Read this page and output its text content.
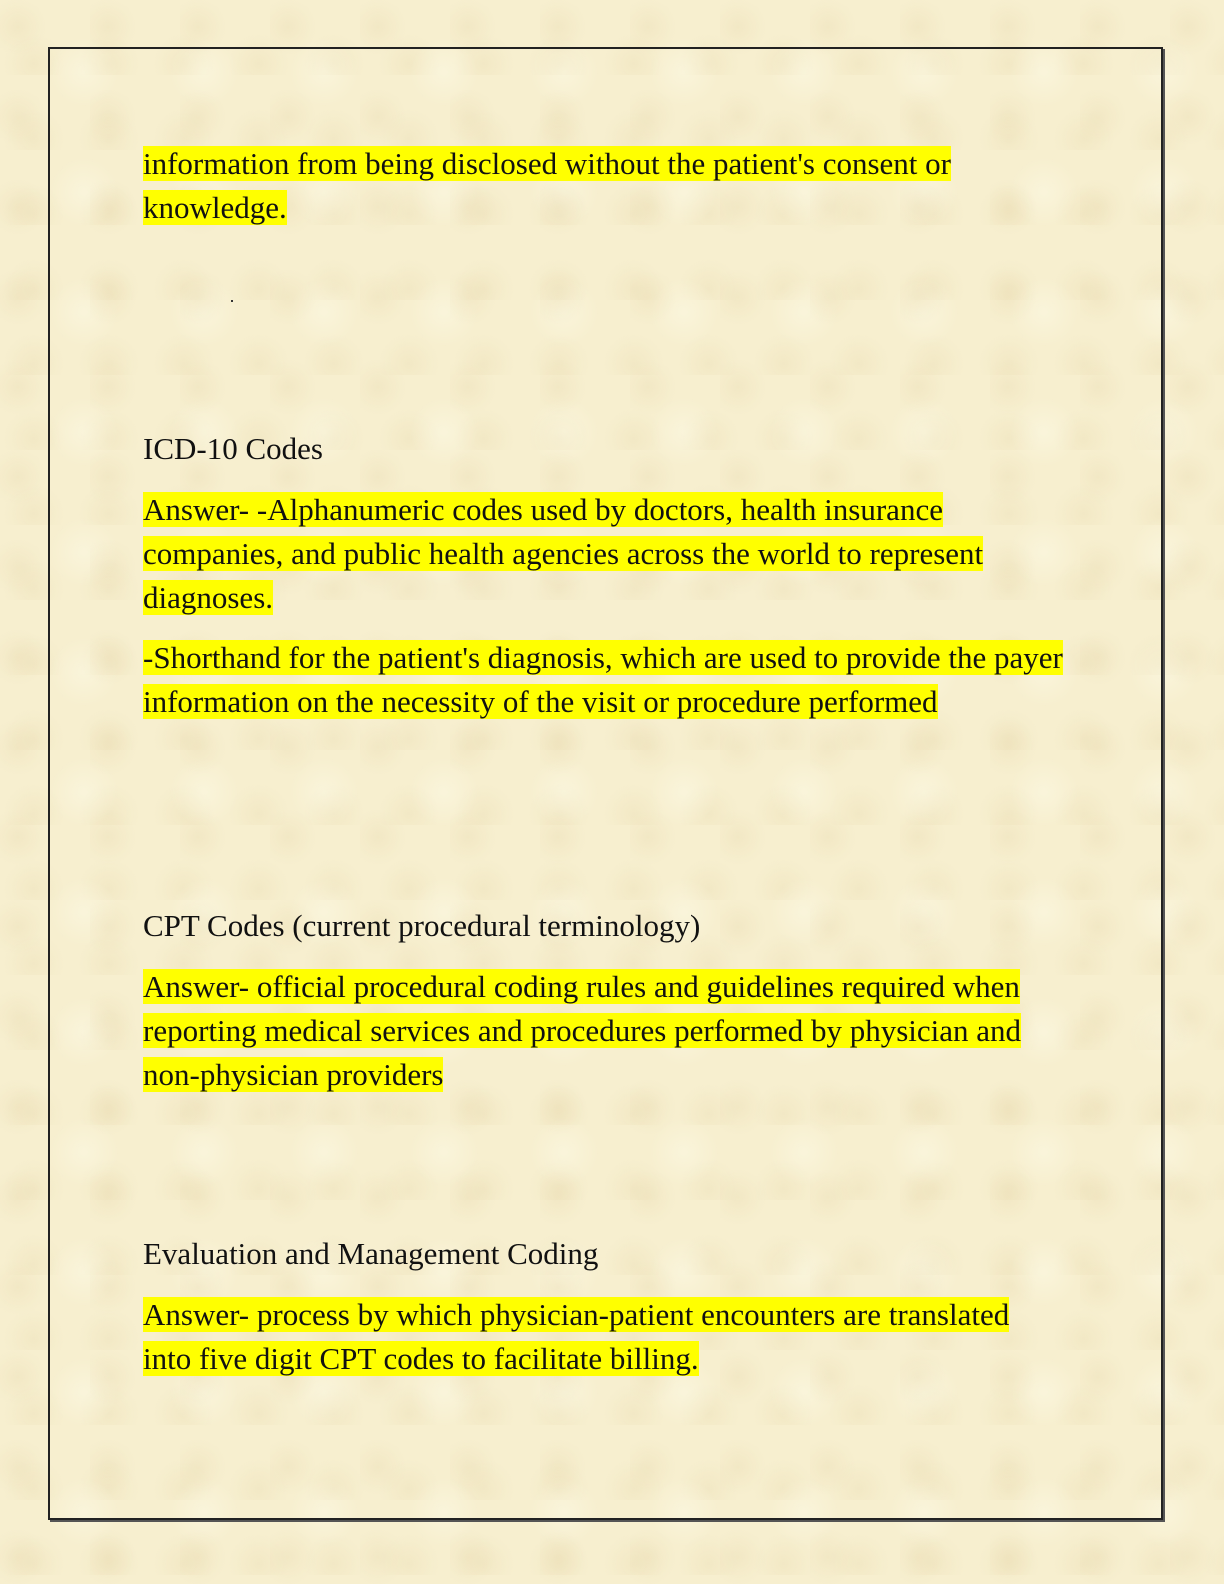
information from being disclosed without the patient's consent or knowledge.

ICD-10 Codes

Answer- -Alphanumeric codes used by doctors, health insurance companies, and public health agencies across the world to represent diagnoses.

-Shorthand for the patient's diagnosis, which are used to provide the payer information on the necessity of the visit or procedure performed

CPT Codes (current procedural terminology)

Answer- official procedural coding rules and guidelines required when reporting medical services and procedures performed by physician and non-physician providers

Evaluation and Management Coding

Answer- process by which physician-patient encounters are translated into five digit CPT codes to facilitate billing.
